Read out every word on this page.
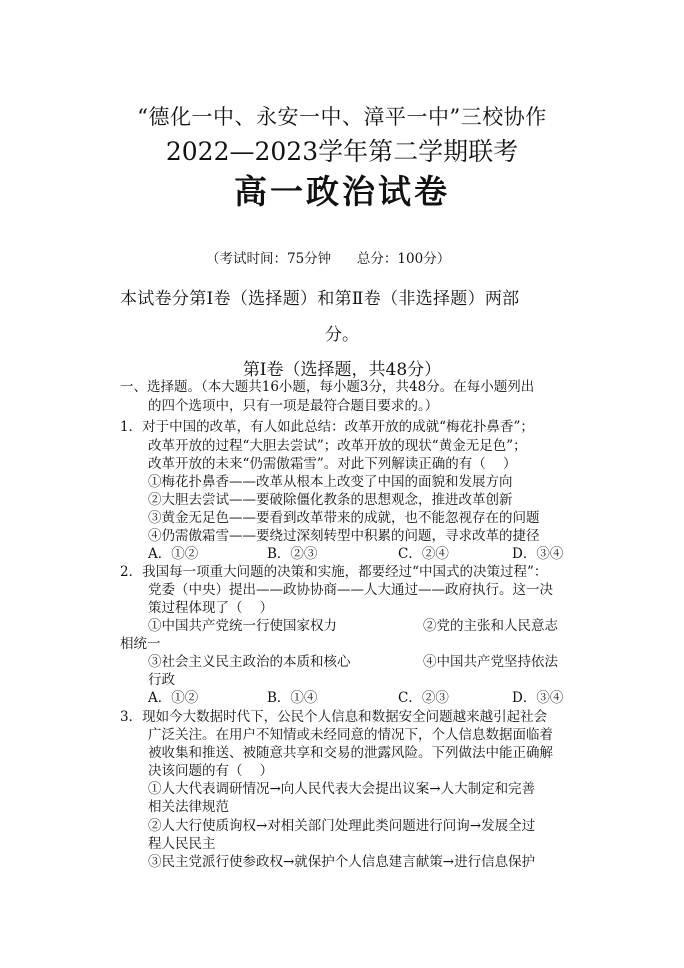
“德化一中、永安一中、漳平一中”三校协作
2022—2023学年第二学期联考
高一政治试卷
（考试时间：75分钟      总分：100分）
本试卷分第Ⅰ卷（选择题）和第Ⅱ卷（非选择题）两部
分。
第Ⅰ卷（选择题，共48分）
一、选择题。（本大题共16小题，每小题3分，共48分。在每小题列出
的四个选项中，只有一项是最符合题目要求的。）
1．对于中国的改革，有人如此总结：改革开放的成就“梅花扑鼻香”；
改革开放的过程“大胆去尝试”；改革开放的现状“黄金无足色”；
改革开放的未来“仍需傲霜雪”。对此下列解读正确的有（    ）
①梅花扑鼻香——改革从根本上改变了中国的面貌和发展方向
②大胆去尝试——要破除僵化教条的思想观念，推进改革创新
③黄金无足色——要看到改革带来的成就，也不能忽视存在的问题
④仍需傲霜雪——要绕过深刻转型中积累的问题，寻求改革的捷径
A．①②	B．②③	C．②④	D．③④
2．我国每一项重大问题的决策和实施，都要经过“中国式的决策过程”：
党委（中央）提出——政协协商——人大通过——政府执行。这一决
策过程体现了（    ）
①中国共产党统一行使国家权力	②党的主张和人民意志
相统一
③社会主义民主政治的本质和核心	④中国共产党坚持依法
行政
A．①②	B．①④	C．②③	D．③④
3．现如今大数据时代下，公民个人信息和数据安全问题越来越引起社会
广泛关注。在用户不知情或未经同意的情况下，个人信息数据面临着
被收集和推送、被随意共享和交易的泄露风险。下列做法中能正确解
决该问题的有（    ）
①人大代表调研情况→向人民代表大会提出议案→人大制定和完善
相关法律规范
②人大行使质询权→对相关部门处理此类问题进行问询→发展全过
程人民民主
③民主党派行使参政权→就保护个人信息建言献策→进行信息保护
